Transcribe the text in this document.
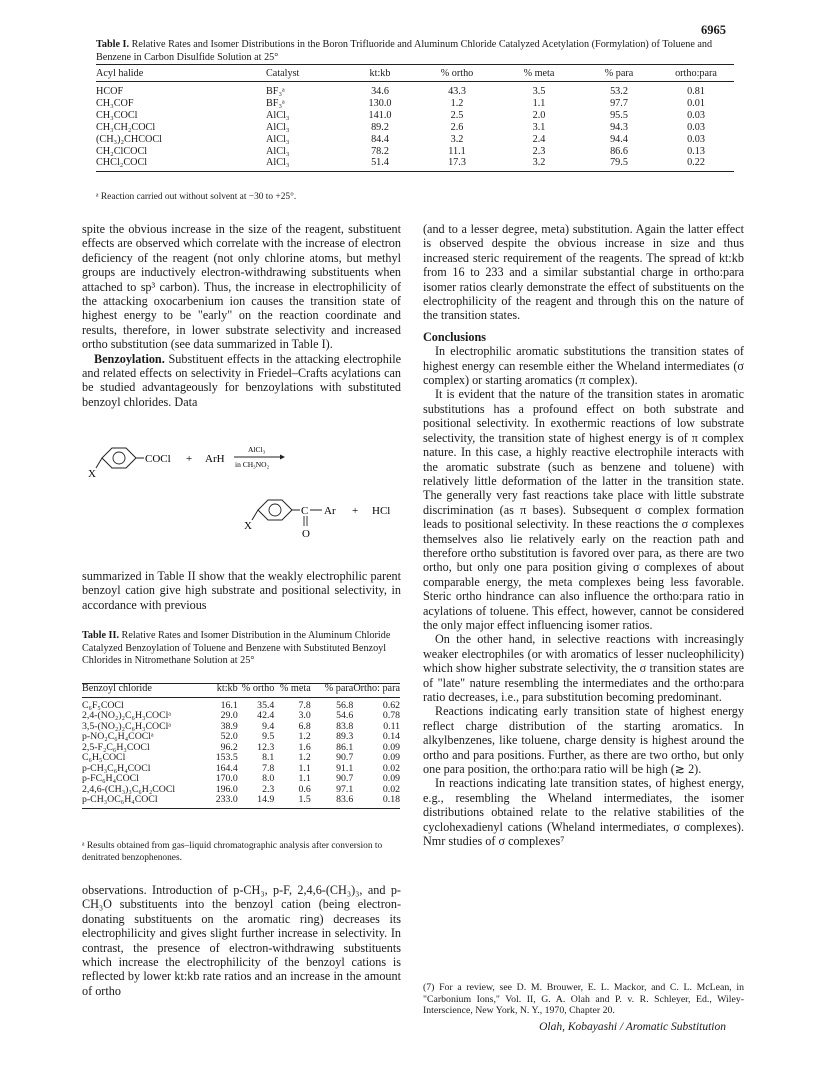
6965
Table I. Relative Rates and Isomer Distributions in the Boron Trifluoride and Aluminum Chloride Catalyzed Acetylation (Formylation) of Toluene and Benzene in Carbon Disulfide Solution at 25°
Acyl halide	Catalyst	kt:kb	% ortho	% meta	% para	ortho:para
HCOF	BF₃ᵃ	34.6	43.3	3.5	53.2	0.81
CH₃COF	BF₃ᵃ	130.0	1.2	1.1	97.7	0.01
CH₃COCl	AlCl₃	141.0	2.5	2.0	95.5	0.03
CH₃CH₂COCl	AlCl₃	89.2	2.6	3.1	94.3	0.03
(CH₃)₂CHCOCl	AlCl₃	84.4	3.2	2.4	94.4	0.03
CH₂ClCOCl	AlCl₃	78.2	11.1	2.3	86.6	0.13
CHCl₂COCl	AlCl₃	51.4	17.3	3.2	79.5	0.22
ᵃ Reaction carried out without solvent at −30 to +25°.

spite the obvious increase in the size of the reagent, substituent effects are observed which correlate with the increase of electron deficiency of the reagent (not only chlorine atoms, but methyl groups are inductively electron-withdrawing substituents when attached to sp³ carbon). Thus, the increase in electrophilicity of the attacking oxocarbenium ion causes the transition state of highest energy to be "early" on the reaction coordinate and results, therefore, in lower substrate selectivity and increased ortho substitution (see data summarized in Table I).

Benzoylation. Substituent effects in the attacking electrophile and related effects on selectivity in Friedel–Crafts acylations can be studied advantageously for benzoylations with substituted benzoyl chlorides. Data

COCl
X
+ ArH
AlCl₃
in CH₃NO₂
C Ar
O
X
+ HCl

summarized in Table II show that the weakly electrophilic parent benzoyl cation give high substrate and positional selectivity, in accordance with previous

Table II. Relative Rates and Isomer Distribution in the Aluminum Chloride Catalyzed Benzoylation of Toluene and Benzene with Substituted Benzoyl Chlorides in Nitromethane Solution at 25°
Benzoyl chloride	kt:kb	% ortho	% meta	% para	Ortho: para
C₆F₅COCl	16.1	35.4	7.8	56.8	0.62
2,4-(NO₂)₂C₆H₃COClᵃ	29.0	42.4	3.0	54.6	0.78
3,5-(NO₂)₂C₆H₃COClᵃ	38.9	9.4	6.8	83.8	0.11
p-NO₂C₆H₄COClᵃ	52.0	9.5	1.2	89.3	0.14
2,5-F₂C₆H₃COCl	96.2	12.3	1.6	86.1	0.09
C₆H₅COCl	153.5	8.1	1.2	90.7	0.09
p-CH₃C₆H₄COCl	164.4	7.8	1.1	91.1	0.02
p-FC₆H₄COCl	170.0	8.0	1.1	90.7	0.09
2,4,6-(CH₃)₃C₆H₂COCl	196.0	2.3	0.6	97.1	0.02
p-CH₃OC₆H₄COCl	233.0	14.9	1.5	83.6	0.18
ᵃ Results obtained from gas–liquid chromatographic analysis after conversion to denitrated benzophenones.

observations. Introduction of p-CH₃, p-F, 2,4,6-(CH₃)₃, and p-CH₃O substituents into the benzoyl cation (being electron-donating substituents on the aromatic ring) decreases its electrophilicity and gives slight further increase in selectivity. In contrast, the presence of electron-withdrawing substituents which increase the electrophilicity of the benzoyl cations is reflected by lower kt:kb rate ratios and an increase in the amount of ortho

(and to a lesser degree, meta) substitution. Again the latter effect is observed despite the obvious increase in size and thus increased steric requirement of the reagents. The spread of kt:kb from 16 to 233 and a similar substantial charge in ortho:para isomer ratios clearly demonstrate the effect of substituents on the electrophilicity of the reagent and through this on the nature of the transition states.

Conclusions

In electrophilic aromatic substitutions the transition states of highest energy can resemble either the Wheland intermediates (σ complex) or starting aromatics (π complex).

It is evident that the nature of the transition states in aromatic substitutions has a profound effect on both substrate and positional selectivity. In exothermic reactions of low substrate selectivity, the transition state of highest energy is of π complex nature. In this case, a highly reactive electrophile interacts with the aromatic substrate (such as benzene and toluene) with relatively little deformation of the latter in the transition state. The generally very fast reactions take place with little substrate discrimination (as π bases). Subsequent σ complex formation leads to positional selectivity. In these reactions the σ complexes themselves also lie relatively early on the reaction path and therefore ortho substitution is favored over para, as there are two ortho, but only one para position giving σ complexes of about comparable energy, the meta complexes being less favorable. Steric ortho hindrance can also influence the ortho:para ratio in acylations of toluene. This effect, however, cannot be considered the only major effect influencing isomer ratios.

On the other hand, in selective reactions with increasingly weaker electrophiles (or with aromatics of lesser nucleophilicity) which show higher substrate selectivity, the σ transition states are of "late" nature resembling the intermediates and the ortho:para ratio decreases, i.e., para substitution becoming predominant.

Reactions indicating early transition state of highest energy reflect charge distribution of the starting aromatics. In alkylbenzenes, like toluene, charge density is highest around the ortho and para positions. Further, as there are two ortho, but only one para position, the ortho:para ratio will be high (≳ 2).

In reactions indicating late transition states, of highest energy, e.g., resembling the Wheland intermediates, the isomer distributions obtained relate to the relative stabilities of the cyclohexadienyl cations (Wheland intermediates, σ complexes). Nmr studies of σ complexes⁷

(7) For a review, see D. M. Brouwer, E. L. Mackor, and C. L. McLean, in "Carbonium Ions," Vol. II, G. A. Olah and P. v. R. Schleyer, Ed., Wiley-Interscience, New York, N. Y., 1970, Chapter 20.
Olah, Kobayashi / Aromatic Substitution
